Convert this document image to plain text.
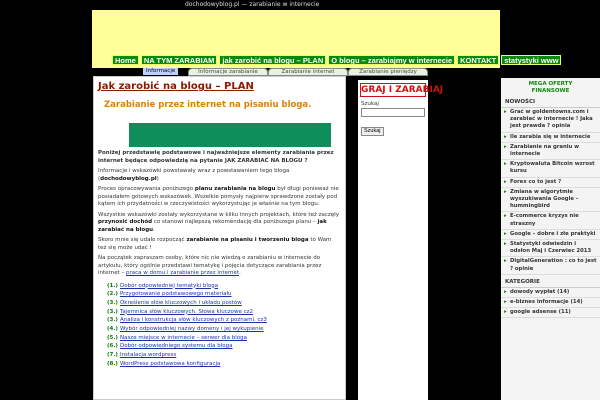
dochodowyblog.pl — zarabianie w internecie
Home	NA TYM ZARABIAM	jak zarobić na blogu – PLAN	O blogu – zarabiajmy w internecie	KONTAKT	statystyki www
Informacje	Informacje zarabianie	Zarabianie internet	Zarabianie pieniędzy
Jak zarobić na blogu – PLAN
Zarabianie przez internet na pisaniu bloga.

Poniżej przedstawię podstawowe i najważniejsze elementy zarabiania przez internet będące odpowiedzią na pytanie JAK ZARABIAĆ NA BLOGU ?

Informacje i wskazówki powstawały wraz z powstawaniem tego bloga (dochodowyblog.pl)

Proces opracowywania poniższego planu zarabiania na blogu był długi ponieważ nie posiadałem gotowych wskazówek. Wszelkie pomysły najpierw sprawdzone zostały pod kątem ich przydatności w rzeczywistości wykorzystując je właśnie na tym blogu.

Wszystkie wskazówki zostały wykorzystane w kilku innych projektach, które też zaczęły przynosić dochód co stanowi najlepszą rekomendację dla poniższego planu – jak zarabiać na blogu.

Skoro mnie się udało rozpocząć zarabianie na pisaniu i tworzeniu bloga to Wam też się może udać !

Na początek zapraszam osoby, które nic nie wiedzą o zarabianiu w internecie do artykułu, który ogólnie przedstawi tematykę i pojęcia dotyczące zarabiania przez internet – praca w domu i zarabianie przez internet.

(1.) Dobór odpowiedniej tematyki bloga
(2.) Przygotowanie podstawowego materiału
(3.) Określenie słów kluczowych i układu postów
(3.) Tajemnica słów kluczowych. Słowa kluczowe cz2
(3.) Analiza i konstrukcja słów kluczowych z poznami. cz3
(4.) Wybór odpowiedniej nazwy domeny i jej wykupienie
(5.) Nasze miejsce w internecie – serwer dla bloga
(6.) Dobór odpowiedniego systemu dla bloga
(7.) Instalacja wordpress
(8.) WordPress podstawowa konfiguracja
GRAJ I ZARABIAJ
Szukaj
Szukaj
MEGA OFERTY
FINANSOWE
NOWOŚCI
▸ Grać w goldentowns.com i zarabiać w internecie ! Jaka jest prawda ? opinia
▸ Ile zarabia się w internecie
▸ Zarabianie na graniu w internecie
▸ Kryptowaluta Bitcoin wzrost kursu
▸ Forex co to jest ?
▸ Zmiana w algorytmie wyszukiwania Google – hummingbird
▸ E-commerce kryzys nie straszny
▸ Google – dobre i złe praktyki
▸ Statystyki odwiedzin i odsłon Maj i Czerwiec 2013
▸ DigitalGeneration : co to jest ? opinie
KATEGORIE
▸ dowody wypłat (14)
▸ e-biznes informacje (14)
▸ google adsense (11)
